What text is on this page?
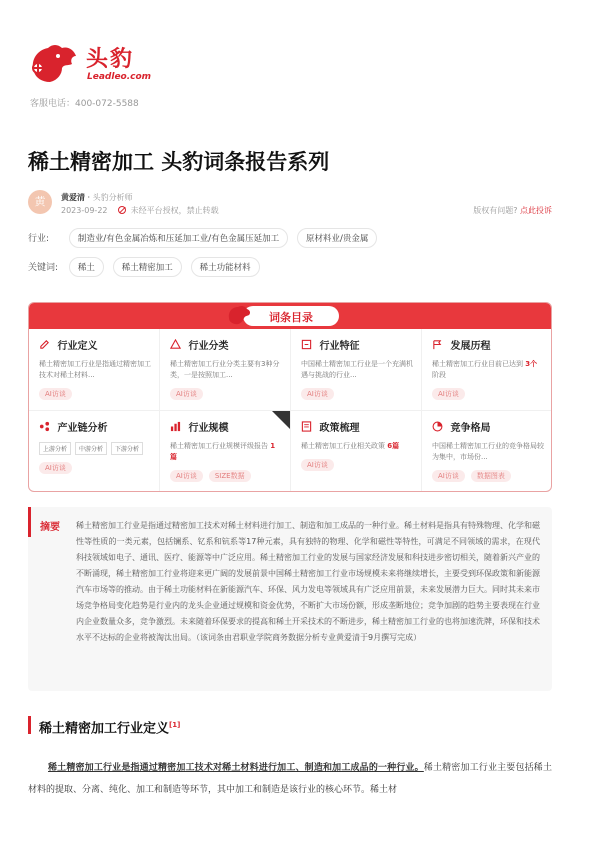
头豹
Leadleo.com
客服电话：400-072-5588
稀土精密加工 头豹词条报告系列
黄	黄爱清 · 头豹分析师
2023-09-22	未经平台授权，禁止转载	版权有问题? 点此投诉
行业:	制造业/有色金属冶炼和压延加工业/有色金属压延加工	原材料业/贵金属
关键词: 稀土	稀土精密加工	稀土功能材料
词条目录
行业定义
稀土精密加工行业是指通过精密加工技术对稀土材料...
AI访谈
行业分类
稀土精密加工行业分类主要有3种分类，一是按照加工...
AI访谈
行业特征
中国稀土精密加工行业是一个充满机遇与挑战的行业...
AI访谈
发展历程
稀土精密加工行业目前已达到 3个阶段
AI访谈
产业链分析
上游分析 中游分析 下游分析
AI访谈
行业规模
稀土精密加工行业规模评级报告 1篇
AI访谈	SIZE数据
政策梳理
稀土精密加工行业相关政策 6篇
AI访谈
竞争格局
中国稀土精密加工行业的竞争格局较为集中，市场份...
AI访谈	数据图表
摘要 稀土精密加工行业是指通过精密加工技术对稀土材料进行加工、制造和加工成品的一种行业。稀土材料是指具有特殊物理、化学和磁性等性质的一类元素，包括镧系、钇系和钪系等17种元素，具有独特的物理、化学和磁性等特性，可满足不同领域的需求，在现代科技领域如电子、通讯、医疗、能源等中广泛应用。稀土精密加工行业的发展与国家经济发展和科技进步密切相关，随着新兴产业的不断涌现，稀土精密加工行业将迎来更广阔的发展前景中国稀土精密加工行业市场规模未来将继续增长，主要受到环保政策和新能源汽车市场等的推动。由于稀土功能材料在新能源汽车、环保、风力发电等领域具有广泛应用前景，未来发展潜力巨大。同时其未来市场竞争格局变化趋势是行业内的龙头企业通过规模和资金优势，不断扩大市场份额，形成垄断地位；竞争加剧的趋势主要表现在行业内企业数量众多，竞争激烈。未来随着环保要求的提高和稀土开采技术的不断进步，稀土精密加工行业的也将加速洗牌，环保和技术水平不达标的企业将被淘汰出局。（该词条由君职业学院商务数据分析专业黄爱清于9月撰写完成）
稀土精密加工行业定义[1]
稀土精密加工行业是指通过精密加工技术对稀土材料进行加工、制造和加工成品的一种行业。稀土精密加工行业主要包括稀土材料的提取、分离、纯化、加工和制造等环节，其中加工和制造是该行业的核心环节。稀土材
